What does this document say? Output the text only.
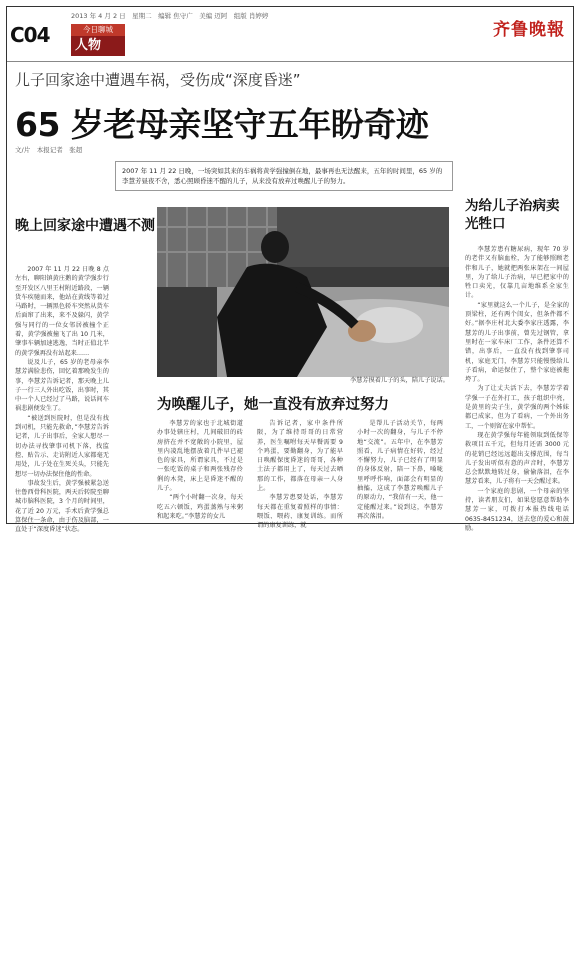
C04
2013 年 4 月 2 日　星期二　编辑 焦守广　美编 迈阿　组版 肖婷婷
今日聊城
人物
齐鲁晚報
儿子回家途中遭遇车祸，受伤成“深度昏迷”
65 岁老母亲坚守五年盼奇迹
文/片　本报记者　张超
2007 年 11 月 22 日晚，一场突如其来的车祸将黄学强撞倒在地，最事再也无法醒来，五年的时间里，65 岁的李慧芳昼夜不舍，悉心照顾昏迷不醒的儿子，从来没有放弃过唤醒儿子的努力。
晚上回家途中遭遇不测
为给儿子治病卖光牲口
李慧芳摸着儿子的头，陪儿子说话。
为唤醒儿子，她一直没有放弃过努力

2007 年 11 月 22 日晚 8 点左右，聊阳镇黄庄鹅的黄学强步行至开发区八里王村附近路段，一辆货车疾驰而来，他站在黄线等着过马路时，一辆黑色轿车突然从货车后面窜了出来，来不及躲闪，黄学强与同行的一位女邻居被撞个正着，黄学强被撞飞了出 10 几米，肇事车辆加速逃逸，当时正值北半的黄学强再没有站起来……

说及儿子，65 岁的老母亲李慧芳满脸悲伤，回忆着那晚发生的事，李慧芳告诉记者，那天晚上儿子一行三人外出吃饭，出事时，其中一个人已经过了马路，说话间车祸悲剧便发生了。

“被送到医院时，但是没有找到司机，只能先救命，”李慧芳告诉记者，儿子出事后，全家人想尽一切办法寻找肇事司机下落，找监控、贴告示、走访附近人家都毫无用处，儿子处在生死关头，只能先想尽一切办法保住他的性命。

事故发生后，黄学强被紧急送往鲁西骨科医院，两天后转院至聊城市脑科医院，3 个月的时间里，花了近 20 万元，手术后黄学强总算保住一条命，由于伤及脑部，一直处于“深度昏迷”状态。

李慧芳患有糖尿病，现年 70 岁的老伴又有脑血栓，为了能够照顾老伴和儿子，她就把两张床架在一间屋里，为了给儿子治病，早已把家中的牲口卖光，仅靠几亩地维系全家生计。

“家里就这么一个儿子，是全家的顶梁柱，还有两个闺女，但条件都不好。”据李庄村北大委李家庄透露，李慧芳的儿子出事前，曾先过钢管，拿里时在一家车床厂工作，条件还算不错，出事后，一直没有找到肇事司机，家庭无门，李慧芳只能慢慢给儿子看病，命运保住了，整个家庭被拖垮了。

为了让丈夫活下去，李慧芳学着学强一子在外打工，孩子组织中亮，是黄里的尖子生，黄学强的两个姊妹都已成家，但为了看病，一个外出务工，一个则留在家中帮忙。

现在黄学强每年能领取到低保等救项目五千元，但每月还需 3000 元的花销已经远远超出支撑范围，每当儿子发出听似有意的声音时，李慧芳总会默默地转过身，偷偷落泪，在李慧芳看来，儿子将有一天会醒过来。

一个家庭的悲剧，一个母亲的坚持，读者朋友们，如果您愿意帮助李慧芳一家，可拨打本报热线电话 0635-8451234，送去您的爱心和鼓励。

李慧芳的家也于北城街道办事处辖庄村，几间破旧的砖房挤在并不宽敞的小院里，屋里内凌乱地摆放着几件早已褪色的家具，所谓家具，不过是一张吃饭的桌子和两张残存伶俐的木凳，床上是昏迷不醒的儿子。

“两个小时翻一次身，每天吃五六顿饭，鸡蛋蒸熟与米粥和起来吃。”李慧芳的女儿

告诉记者，家中条件所限，为了维持哥哥的日常营养，医生嘱咐每天早餐需要 9 个鸡蛋，要勤翻身，为了能早日唤醒保度昏迷的哥哥，各种土法子都用上了，每天过去晒那的工作，都落在母亲一人身上。

李慧芳患要处话，李慧芳每天都在重复着照样的事情：喂饭、喂药、康复训练。而所谓的康复训练，就

是帮儿子活动关节，每两小时一次的翻身，与儿子不停地“交流”。五年中，在李慧芳照看，儿子病情在好转，经过不懈努力，儿子已经有了明显的身体反射，陪一下鼻，嗓咙里呼呼作响，面部会有明显的抽搐，这成了李慧芳唤醒儿子的原动力，“我信有一天，他一定能醒过来。”说到这，李慧芳再次落泪。
